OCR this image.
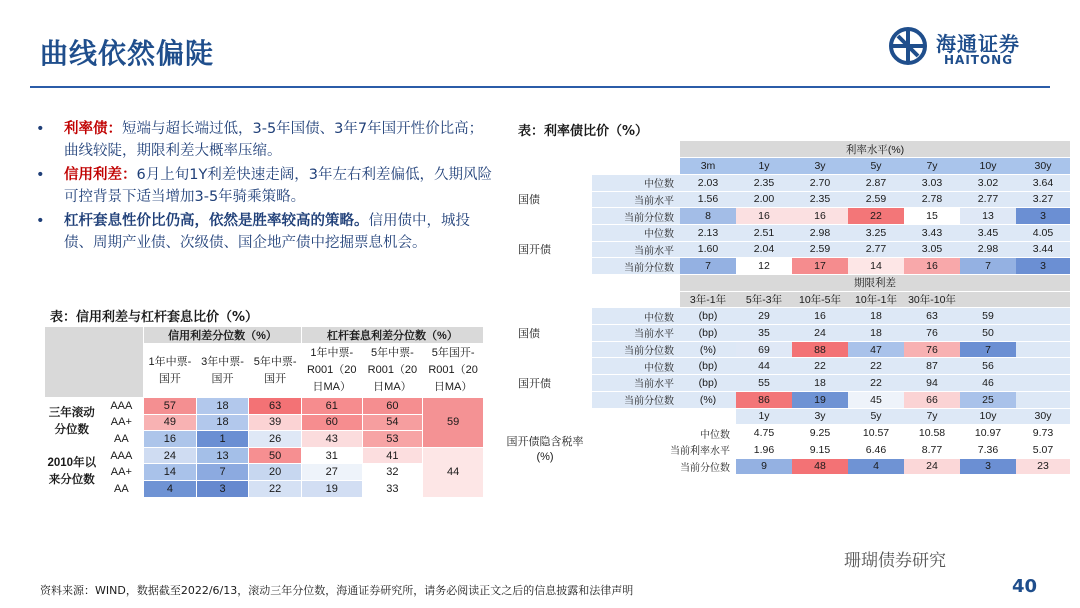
曲线依然偏陡	海通证券
HAITONG
• 利率债：短端与超长端过低，3-5年国债、3年7年国开性价比高；曲线较陡，期限利差大概率压缩。
• 信用利差：6月上旬1Y利差快速走阔，3年左右利差偏低，久期风险可控背景下适当增加3-5年骑乘策略。
• 杠杆套息性价比仍高，依然是胜率较高的策略。信用债中，城投债、周期产业债、次级债、国企地产债中挖掘票息机会。
表：信用利差与杠杆套息比价（%）
表：利率债比价（%）
		信用利差分位数（%）			杠杆套息利差分位数（%）		
		1年中票-国开	3年中票-国开	5年中票-国开	1年中票-R001（20日MA）	5年中票-R001（20日MA）	5年国开-R001（20日MA）
三年滚动分位数	AAA	57	18	63	61	60	59
	AA+	49	18	39	60	54	
	AA	16	1	26	43	53	
2010年以来分位数	AAA	24	13	50	31	41	44
	AA+	14	7	20	27	32	
	AA	4	3	22	19	33	
		利率水平(%)						
		3m	1y	3y	5y	7y	10y	30y
国债	中位数	2.03	2.35	2.70	2.87	3.03	3.02	3.64
	当前水平	1.56	2.00	2.35	2.59	2.78	2.77	3.27
	当前分位数	8	16	16	22	15	13	3
国开债	中位数	2.13	2.51	2.98	3.25	3.43	3.45	4.05
	当前水平	1.60	2.04	2.59	2.77	3.05	2.98	3.44
	当前分位数	7	12	17	14	16	7	3
		期限利差						
		3年-1年	5年-3年	10年-5年	10年-1年	30年-10年		
国债	中位数	(bp)	29	16	18	63	59	
	当前水平	(bp)	35	24	18	76	50	
	当前分位数	(%)	69	88	47	76	7	
国开债	中位数	(bp)	44	22	22	87	56	
	当前水平	(bp)	55	18	22	94	46	
	当前分位数	(%)	86	19	45	66	25	
			1y	3y	5y	7y	10y	30y
国开债隐含税率(%)	中位数		4.75	9.25	10.57	10.58	10.97	9.73
	当前利率水平		1.96	9.15	6.46	8.77	7.36	5.07
	当前分位数		9	48	4	24	3	23
珊瑚债券研究
资料来源：WIND，数据截至2022/6/13，滚动三年分位数，海通证券研究所，请务必阅读正文之后的信息披露和法律声明	40
